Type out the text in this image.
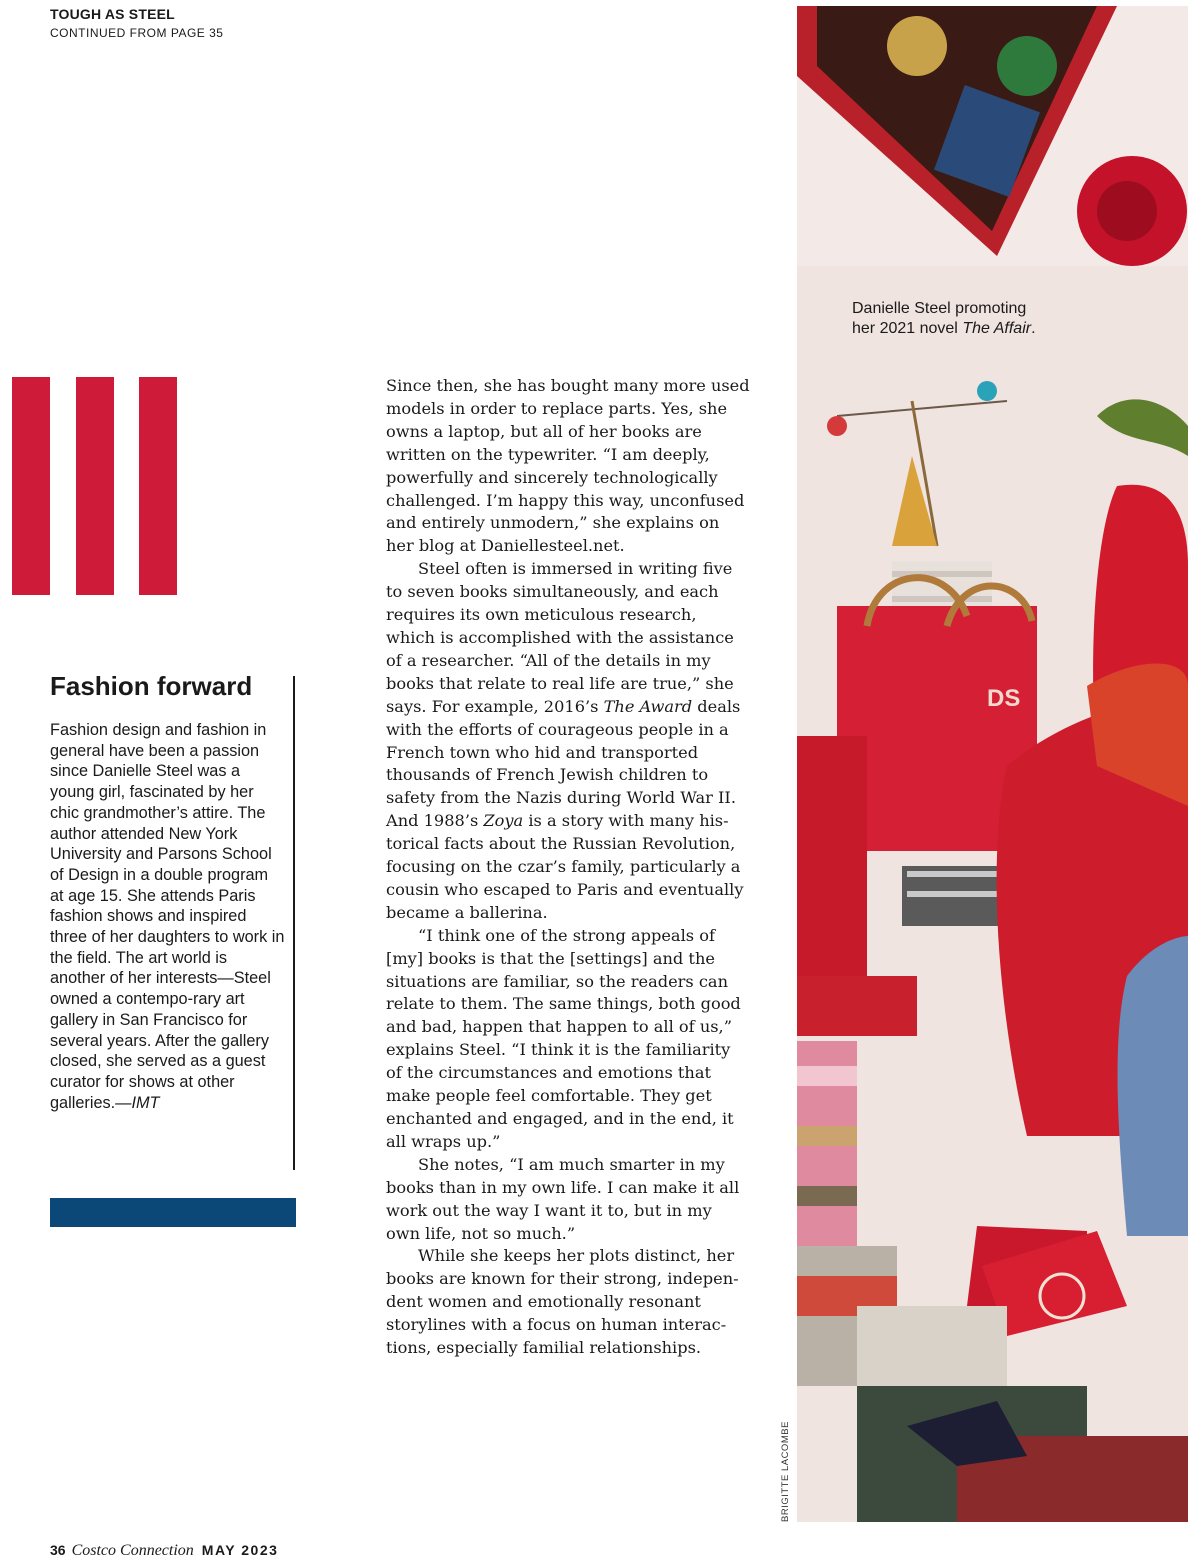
TOUGH AS STEEL
CONTINUED FROM PAGE 35
Fashion forward

Fashion design and fashion in general have been a passion since Danielle Steel was a young girl, fascinated by her chic grandmother’s attire. The author attended New York University and Parsons School of Design in a double program at age 15. She attends Paris fashion shows and inspired three of her daughters to work in the field. The art world is another of her interests—Steel owned a contempo-rary art gallery in San Francisco for several years. After the gallery closed, she served as a guest curator for shows at other galleries.—IMT

Since then, she has bought many more used models in order to replace parts. Yes, she owns a laptop, but all of her books are written on the typewriter. “I am deeply, powerfully and sincerely technologically challenged. I’m happy this way, unconfused and entirely unmodern,” she explains on her blog at Daniellesteel.net.

Steel often is immersed in writing five to seven books simultaneously, and each requires its own meticulous research, which is accomplished with the assistance of a researcher. “All of the details in my books that relate to real life are true,” she says. For example, 2016’s The Award deals with the efforts of courageous people in a French town who hid and transported thousands of French Jewish children to safety from the Nazis during World War II. And 1988’s Zoya is a story with many his-torical facts about the Russian Revolution, focusing on the czar’s family, particularly a cousin who escaped to Paris and eventually became a ballerina.

“I think one of the strong appeals of [my] books is that the [settings] and the situations are familiar, so the readers can relate to them. The same things, both good and bad, happen that happen to all of us,” explains Steel. “I think it is the familiarity of the circumstances and emotions that make people feel comfortable. They get enchanted and engaged, and in the end, it all wraps up.”

She notes, “I am much smarter in my books than in my own life. I can make it all work out the way I want it to, but in my own life, not so much.”

While she keeps her plots distinct, her books are known for their strong, indepen-dent women and emotionally resonant storylines with a focus on human interac-tions, especially familial relationships.

DS
Danielle Steel promoting
her 2021 novel The Affair.
BRIGITTE LACOMBE
36 Costco Connection MAY 2023
